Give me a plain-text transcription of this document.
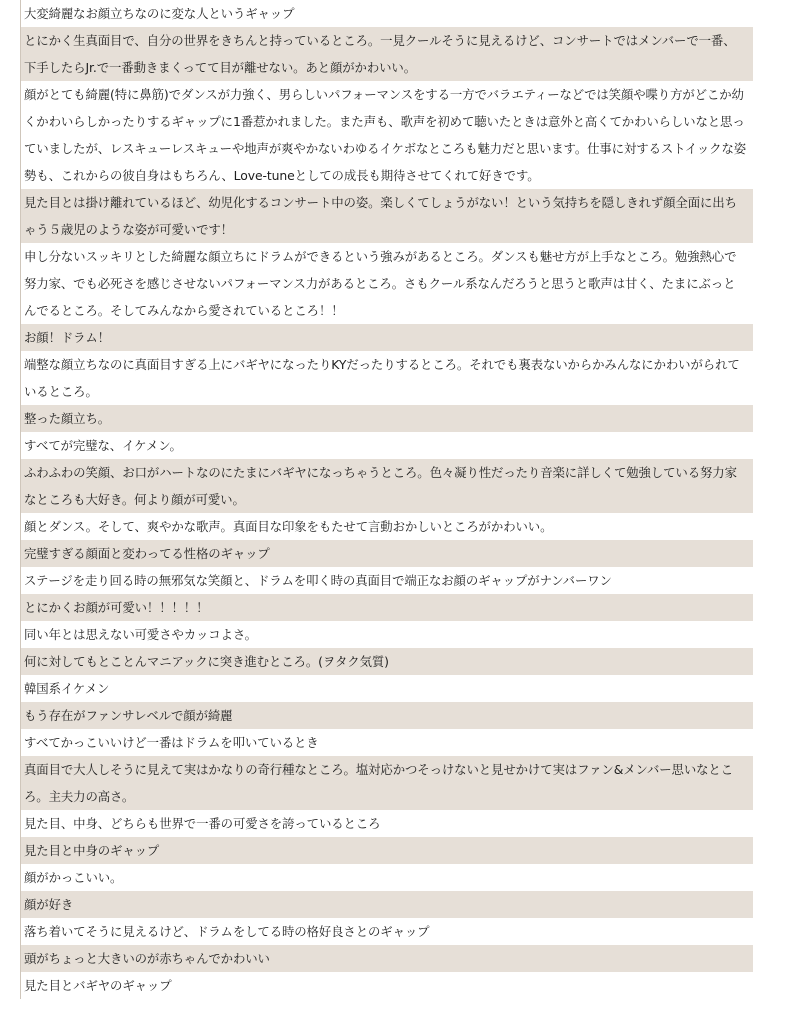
大変綺麗なお顔立ちなのに変な人というギャップ
とにかく生真面目で、自分の世界をきちんと持っているところ。一見クールそうに見えるけど、コンサートではメンバーで一番、下手したらJr.で一番動きまくってて目が離せない。あと顔がかわいい。
顔がとても綺麗(特に鼻筋)でダンスが力強く、男らしいパフォーマンスをする一方でバラエティーなどでは笑顔や喋り方がどこか幼くかわいらしかったりするギャップに1番惹かれました。また声も、歌声を初めて聴いたときは意外と高くてかわいらしいなと思っていましたが、レスキューレスキューや地声が爽やかないわゆるイケボなところも魅力だと思います。仕事に対するストイックな姿勢も、これからの彼自身はもちろん、Love-tuneとしての成長も期待させてくれて好きです。
見た目とは掛け離れているほど、幼児化するコンサート中の姿。楽しくてしょうがない！という気持ちを隠しきれず顔全面に出ちゃう５歳児のような姿が可愛いです！
申し分ないスッキリとした綺麗な顔立ちにドラムができるという強みがあるところ。ダンスも魅せ方が上手なところ。勉強熱心で努力家、でも必死さを感じさせないパフォーマンス力があるところ。さもクール系なんだろうと思うと歌声は甘く、たまにぶっとんでるところ。そしてみんなから愛されているところ！！
お顔！ドラム！
端整な顔立ちなのに真面目すぎる上にバギヤになったりKYだったりするところ。それでも裏表ないからかみんなにかわいがられているところ。
整った顔立ち。
すべてが完璧な、イケメン。
ふわふわの笑顔、お口がハートなのにたまにバギヤになっちゃうところ。色々凝り性だったり音楽に詳しくて勉強している努力家なところも大好き。何より顔が可愛い。
顔とダンス。そして、爽やかな歌声。真面目な印象をもたせて言動おかしいところがかわいい。
完璧すぎる顔面と変わってる性格のギャップ
ステージを走り回る時の無邪気な笑顔と、ドラムを叩く時の真面目で端正なお顔のギャップがナンバーワン
とにかくお顔が可愛い！！！！！
同い年とは思えない可愛さやカッコよさ。
何に対してもとことんマニアックに突き進むところ。(ヲタク気質)
韓国系イケメン
もう存在がファンサレベルで顔が綺麗
すべてかっこいいけど一番はドラムを叩いているとき
真面目で大人しそうに見えて実はかなりの奇行種なところ。塩対応かつそっけないと見せかけて実はファン&メンバー思いなところ。主夫力の高さ。
見た目、中身、どちらも世界で一番の可愛さを誇っているところ
見た目と中身のギャップ
顔がかっこいい。
顔が好き
落ち着いてそうに見えるけど、ドラムをしてる時の格好良さとのギャップ
頭がちょっと大きいのが赤ちゃんでかわいい
見た目とバギヤのギャップ
